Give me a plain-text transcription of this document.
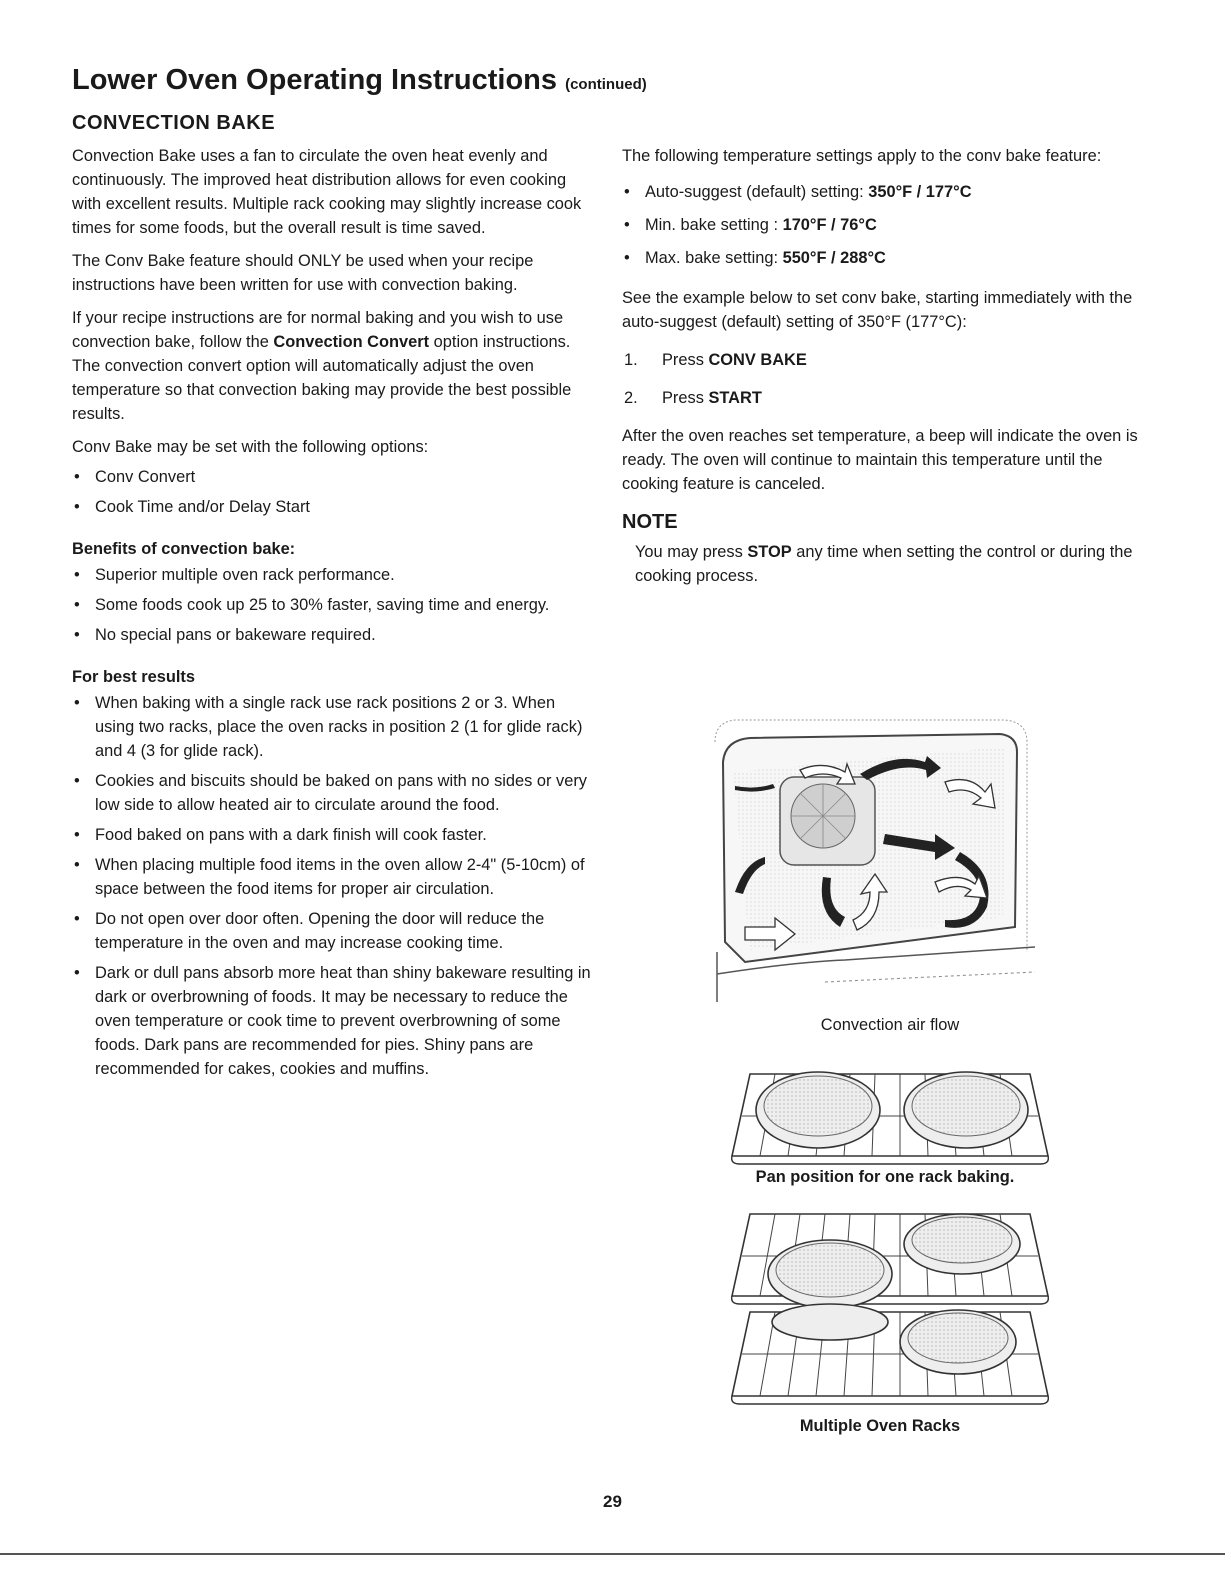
Lower Oven Operating Instructions (continued)
CONVECTION BAKE

Convection Bake uses a fan to circulate the oven heat evenly and continuously. The improved heat distribution allows for even cooking with excellent results. Multiple rack cooking may slightly increase cook times for some foods, but the overall result is time saved.

The Conv Bake feature should ONLY be used when your recipe instructions have been written for use with convection baking.

If your recipe instructions are for normal baking and you wish to use convection bake, follow the Convection Convert option instructions. The convection convert option will automatically adjust the oven temperature so that convection baking may provide the best possible results.

Conv Bake may be set with the following options:

• Conv Convert
• Cook Time and/or Delay Start
Benefits of convection bake:
• Superior multiple oven rack performance.
• Some foods cook up 25 to 30% faster, saving time and energy.
• No special pans or bakeware required.
For best results
• When baking with a single rack use rack positions 2 or 3. When using two racks, place the oven racks in position 2 (1 for glide rack) and 4 (3 for glide rack).
• Cookies and biscuits should be baked on pans with no sides or very low side to allow heated air to circulate around the food.
• Food baked on pans with a dark finish will cook faster.
• When placing multiple food items in the oven allow 2-4" (5-10cm) of space between the food items for proper air circulation.
• Do not open over door often. Opening the door will reduce the temperature in the oven and may increase cooking time.
• Dark or dull pans absorb more heat than shiny bakeware resulting in dark or overbrowning of foods. It may be necessary to reduce the oven temperature or cook time to prevent overbrowning of some foods. Dark pans are recommended for pies. Shiny pans are recommended for cakes, cookies and muffins.

The following temperature settings apply to the conv bake feature:

• Auto-suggest (default) setting: 350°F / 177°C
• Min. bake setting : 170°F / 76°C
• Max. bake setting: 550°F / 288°C

See the example below to set conv bake, starting immediately with the auto-suggest (default) setting of 350°F (177°C):

1. Press CONV BAKE
2. Press START

After the oven reaches set temperature, a beep will indicate the oven is ready. The oven will continue to maintain this temperature until the cooking feature is canceled.

NOTE
You may press STOP any time when setting the control or during the cooking process.
Convection air flow
Pan position for one rack baking.
Multiple Oven Racks
29
